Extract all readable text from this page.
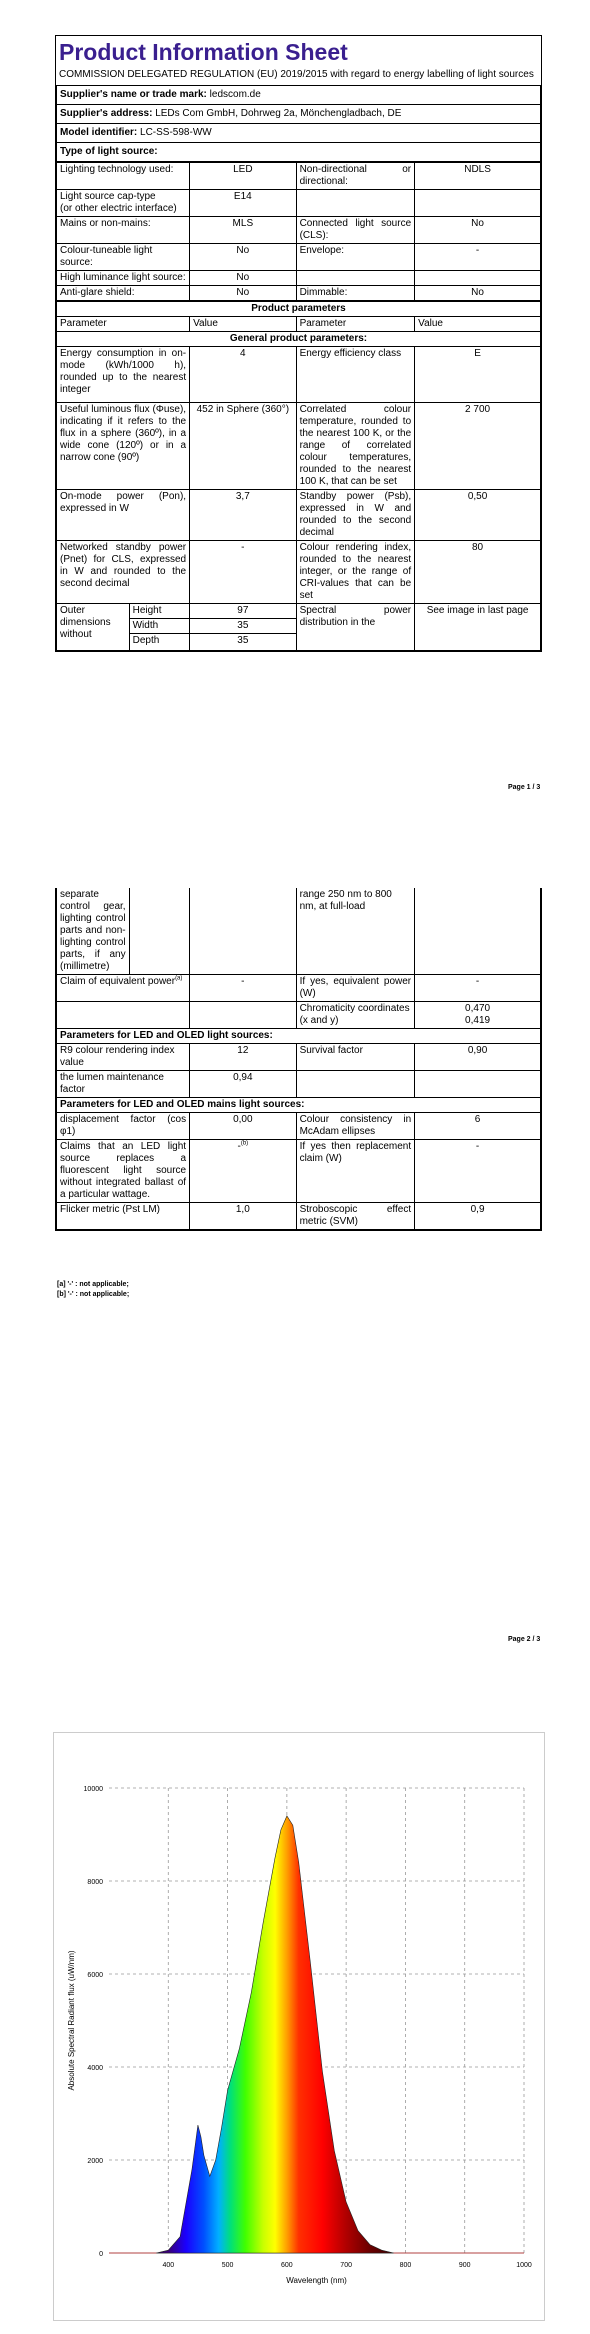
Product Information Sheet
COMMISSION DELEGATED REGULATION (EU) 2019/2015 with regard to energy labelling of light sources
Supplier's name or trade mark: ledscom.de
Supplier's address: LEDs Com GmbH, Dohrweg 2a, Mönchengladbach, DE
Model identifier: LC-SS-598-WW
Type of light source:
Lighting technology used:	LED	Non-directional or directional:	NDLS

Light source cap-type
(or other electric interface)	E14		

Mains or non-mains:	MLS	Connected light source (CLS):	No

Colour-tuneable light source:	No	Envelope:	-

High luminance light source:	No		

Anti-glare shield:	No	Dimmable:	No
Product parameters				
Parameter		Value	Parameter	Value
General product parameters:				
Energy consumption in on-mode (kWh/1000 h), rounded up to the nearest integer		4	Energy efficiency class	E
Useful luminous flux (Φuse), indicating if it refers to the flux in a sphere (360º), in a wide cone (120º) or in a narrow cone (90º)		452 in Sphere (360°)	Correlated colour temperature, rounded to the nearest 100 K, or the range of correlated colour temperatures, rounded to the nearest 100 K, that can be set	2 700
On-mode power (Pon), expressed in W		3,7	Standby power (Psb), expressed in W and rounded to the second decimal	0,50
Networked standby power (Pnet) for CLS, expressed in W and rounded to the second decimal		-	Colour rendering index, rounded to the nearest integer, or the range of CRI-values that can be set	80
Outer dimensions without	Height	97	Spectral power distribution in the	See image in last page
	Width	35		
	Depth	35		
Page 1 / 3
separate control gear, lighting control parts and non-lighting control parts, if any (millimetre)			range 250 nm to 800 nm, at full-load	
Claim of equivalent power$^{(a)}$		-	If yes, equivalent power (W)	-
			Chromaticity coordinates (x and y)	0,470
0,419

Parameters for LED and OLED light sources:				
R9 colour rendering index value		12	Survival factor	0,90
the lumen maintenance factor		0,94		
Parameters for LED and OLED mains light sources:				
displacement factor (cos φ1)		0,00	Colour consistency in McAdam ellipses	6
Claims that an LED light source replaces a fluorescent light source without integrated ballast of a particular wattage.		-$^{(b)}$	If yes then replacement claim (W)	-
Flicker metric (Pst LM)		1,0	Stroboscopic effect metric (SVM)	0,9
[a] '-' : not applicable;
[b] '-' : not applicable;
Page 2 / 3
0
2000
4000
6000
8000
10000
400	500	600	700	800	900	1000
Wavelength (nm)
Absolute Spectral Radiant flux (uW/nm)
